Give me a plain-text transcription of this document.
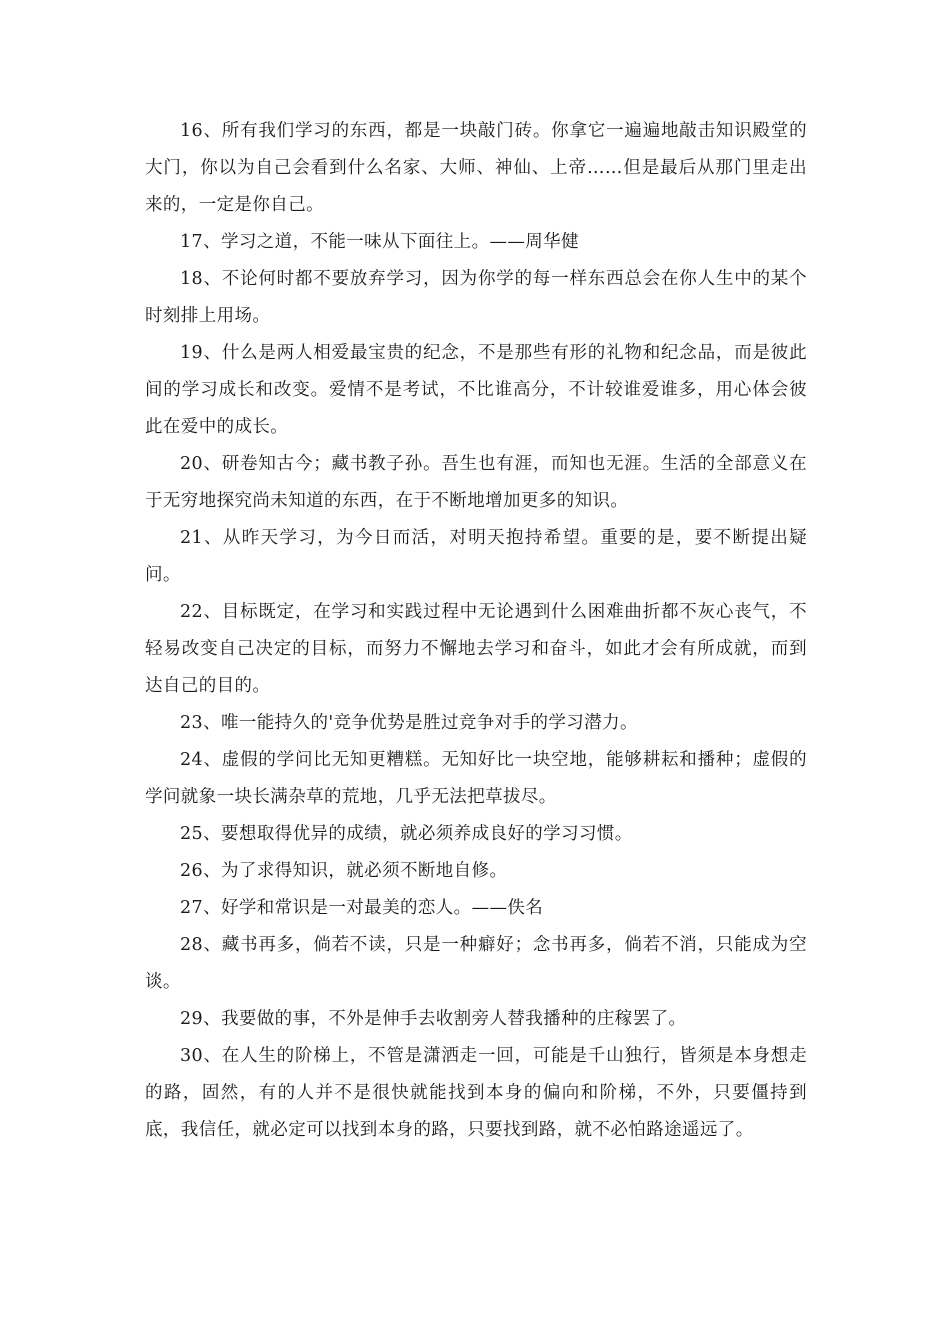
16、所有我们学习的东西，都是一块敲门砖。你拿它一遍遍地敲击知识殿堂的大门，你以为自己会看到什么名家、大师、神仙、上帝……但是最后从那门里走出来的，一定是你自己。

17、学习之道，不能一味从下面往上。——周华健

18、不论何时都不要放弃学习，因为你学的每一样东西总会在你人生中的某个时刻排上用场。

19、什么是两人相爱最宝贵的纪念，不是那些有形的礼物和纪念品，而是彼此间的学习成长和改变。爱情不是考试，不比谁高分，不计较谁爱谁多，用心体会彼此在爱中的成长。

20、研卷知古今；藏书教子孙。吾生也有涯，而知也无涯。生活的全部意义在于无穷地探究尚未知道的东西，在于不断地增加更多的知识。

21、从昨天学习，为今日而活，对明天抱持希望。重要的是，要不断提出疑问。

22、目标既定，在学习和实践过程中无论遇到什么困难曲折都不灰心丧气，不轻易改变自己决定的目标，而努力不懈地去学习和奋斗，如此才会有所成就，而到达自己的目的。

23、唯一能持久的'竞争优势是胜过竞争对手的学习潜力。

24、虚假的学问比无知更糟糕。无知好比一块空地，能够耕耘和播种；虚假的学问就象一块长满杂草的荒地，几乎无法把草拔尽。

25、要想取得优异的成绩，就必须养成良好的学习习惯。

26、为了求得知识，就必须不断地自修。

27、好学和常识是一对最美的恋人。——佚名

28、藏书再多，倘若不读，只是一种癖好；念书再多，倘若不消，只能成为空谈。

29、我要做的事，不外是伸手去收割旁人替我播种的庄稼罢了。

30、在人生的阶梯上，不管是潇洒走一回，可能是千山独行，皆须是本身想走的路，固然，有的人并不是很快就能找到本身的偏向和阶梯，不外，只要僵持到底，我信任，就必定可以找到本身的路，只要找到路，就不必怕路途遥远了。
